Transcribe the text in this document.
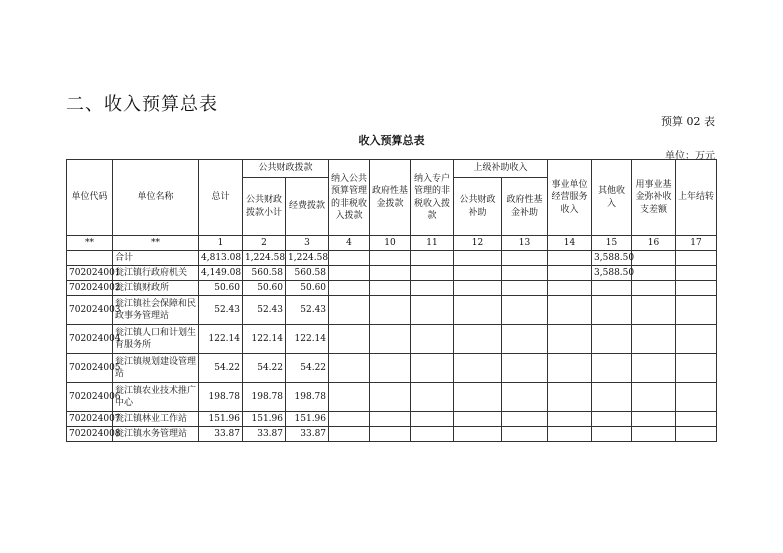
二、收入预算总表
预算 02 表
收入预算总表
单位：万元
单位代码	单位名称	总计	公共财政拨款		纳入公共预算管理的非税收入拨款	政府性基金拨款	纳入专户管理的非税收入拨款	上级补助收入		事业单位经营服务收入	其他收入	用事业基金弥补收支差额	上年结转
			公共财政拨款小计	经费拨款				公共财政补助	政府性基金补助				
**	**	1	2	3	4	10	11	12	13	14	15	16	17
	合计	4,813.08	1,224.58	1,224.58							3,588.50		
702024001	瓮江镇行政府机关	4,149.08	560.58	560.58							3,588.50		
702024002	瓮江镇财政所	50.60	50.60	50.60									
702024003	瓮江镇社会保障和民政事务管理站	52.43	52.43	52.43									
702024004	瓮江镇人口和计划生育服务所	122.14	122.14	122.14									
702024005	瓮江镇规划建设管理站	54.22	54.22	54.22									
702024006	瓮江镇农业技术推广中心	198.78	198.78	198.78									
702024007	瓮江镇林业工作站	151.96	151.96	151.96									
702024008	瓮江镇水务管理站	33.87	33.87	33.87									
